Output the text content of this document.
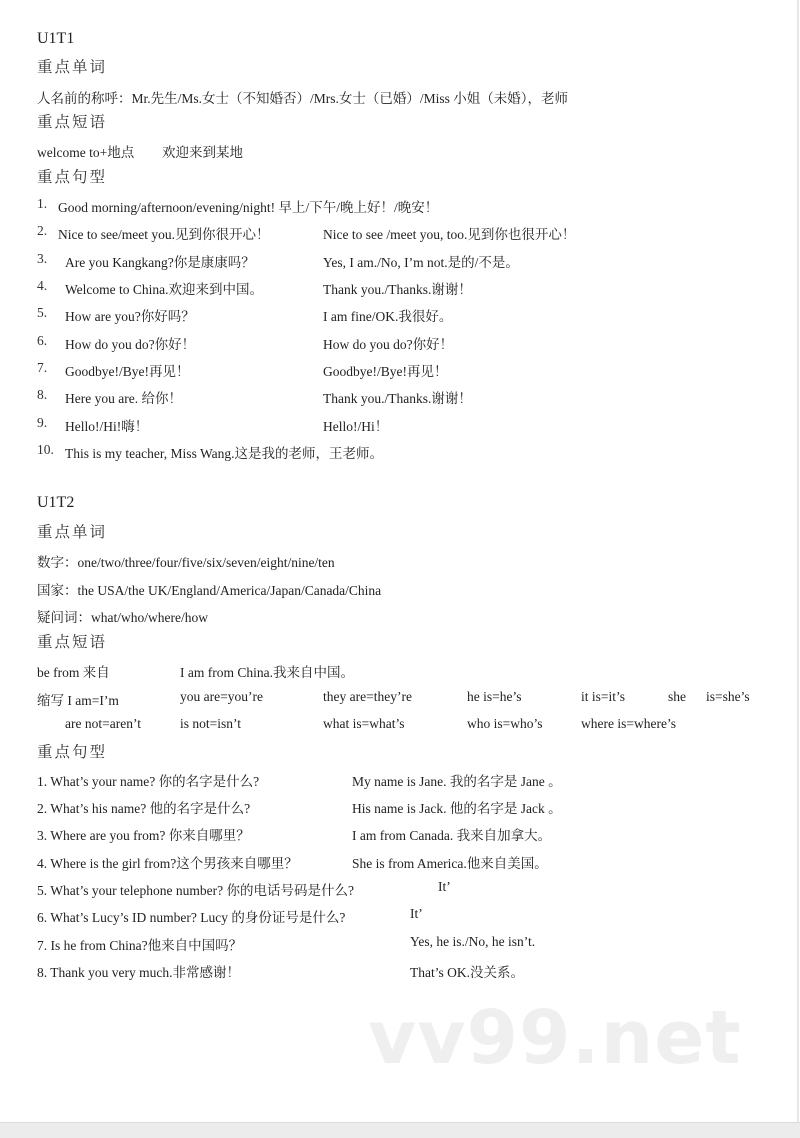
U1T1
重点单词
人名前的称呼：Mr.先生/Ms.女士（不知婚否）/Mrs.女士（已婚）/Miss 小姐（未婚），老师
重点短语
welcome to+地点 欢迎来到某地
重点句型
1. Good morning/afternoon/evening/night! 早上/下午/晚上好！/晚安！
2. Nice to see/meet you.见到你很开心！	Nice to see /meet you, too.见到你也很开心！
3. Are you Kangkang?你是康康吗？	Yes, I am./No, I’m not.是的/不是。
4. Welcome to China.欢迎来到中国。	Thank you./Thanks.谢谢！
5. How are you?你好吗？	I am fine/OK.我很好。
6. How do you do?你好！	How do you do?你好！
7. Goodbye!/Bye!再见！	Goodbye!/Bye!再见！
8. Here you are. 给你！	Thank you./Thanks.谢谢！
9. Hello!/Hi!嗨！	Hello!/Hi！
10. This is my teacher, Miss Wang.这是我的老师，王老师。
U1T2
重点单词
数字：one/two/three/four/five/six/seven/eight/nine/ten
国家：the USA/the UK/England/America/Japan/Canada/China
疑问词：what/who/where/how
重点短语
be from 来自	I am from China.我来自中国。
缩写 I am=I’m	you are=you’re	they are=they’re	he is=he’s	it is=it’s	she is=she’s
are not=aren’t	is not=isn’t	what is=what’s	who is=who’s	where is=where’s
重点句型
1. What’s your name? 你的名字是什么?	My name is Jane. 我的名字是 Jane 。
2. What’s his name? 他的名字是什么?	His name is Jack. 他的名字是 Jack 。
3. Where are you from? 你来自哪里？	I am from Canada. 我来自加拿大。
4. Where is the girl from?这个男孩来自哪里？	She is from America.他来自美国。
5. What’s your telephone number? 你的电话号码是什么?	It’
6. What’s Lucy’s ID number? Lucy 的身份证号是什么?	It’
7. Is he from China?他来自中国吗？	Yes, he is./No, he isn’t.
8. Thank you very much.非常感谢！	That’s OK.没关系。
vv99.net
